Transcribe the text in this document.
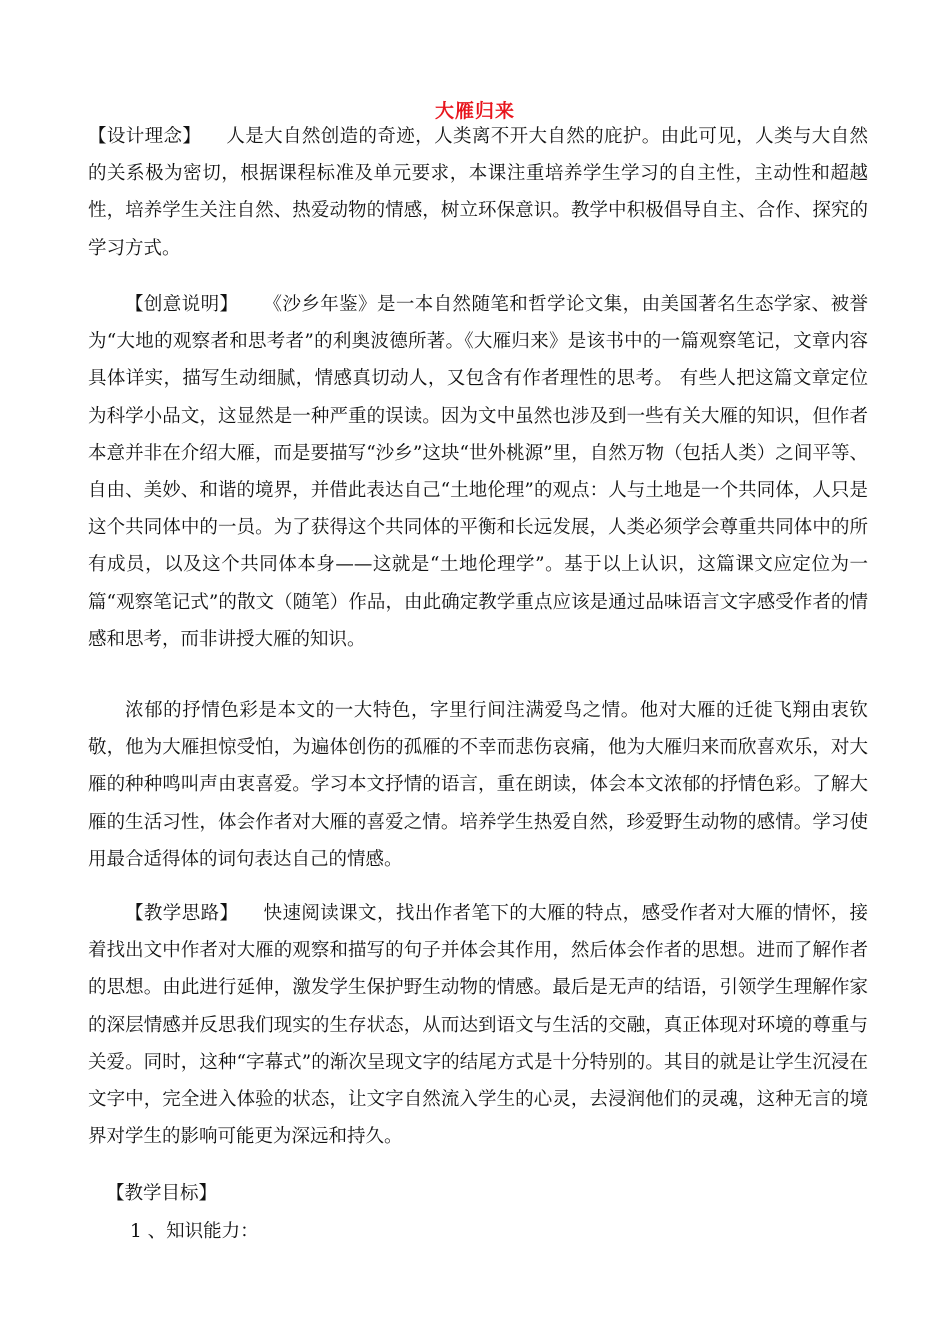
大雁归来

【设计理念】 人是大自然创造的奇迹，人类离不开大自然的庇护。由此可见，人类与大自然的关系极为密切，根据课程标准及单元要求，本课注重培养学生学习的自主性，主动性和超越性，培养学生关注自然、热爱动物的情感，树立环保意识。教学中积极倡导自主、合作、探究的学习方式。

【创意说明】 《沙乡年鉴》是一本自然随笔和哲学论文集，由美国著名生态学家、被誉为“大地的观察者和思考者”的利奥波德所著。《大雁归来》是该书中的一篇观察笔记，文章内容具体详实，描写生动细腻，情感真切动人，又包含有作者理性的思考。 有些人把这篇文章定位为科学小品文，这显然是一种严重的误读。因为文中虽然也涉及到一些有关大雁的知识，但作者本意并非在介绍大雁，而是要描写“沙乡”这块“世外桃源”里，自然万物（包括人类）之间平等、自由、美妙、和谐的境界，并借此表达自己“土地伦理”的观点：人与土地是一个共同体，人只是这个共同体中的一员。为了获得这个共同体的平衡和长远发展，人类必须学会尊重共同体中的所有成员，以及这个共同体本身——这就是“土地伦理学”。基于以上认识，这篇课文应定位为一篇“观察笔记式”的散文（随笔）作品，由此确定教学重点应该是通过品味语言文字感受作者的情感和思考，而非讲授大雁的知识。

浓郁的抒情色彩是本文的一大特色，字里行间注满爱鸟之情。他对大雁的迁徙飞翔由衷钦敬，他为大雁担惊受怕，为遍体创伤的孤雁的不幸而悲伤哀痛，他为大雁归来而欣喜欢乐，对大雁的种种鸣叫声由衷喜爱。学习本文抒情的语言，重在朗读，体会本文浓郁的抒情色彩。了解大雁的生活习性，体会作者对大雁的喜爱之情。培养学生热爱自然，珍爱野生动物的感情。学习使用最合适得体的词句表达自己的情感。

【教学思路】 快速阅读课文，找出作者笔下的大雁的特点，感受作者对大雁的情怀，接着找出文中作者对大雁的观察和描写的句子并体会其作用，然后体会作者的思想。进而了解作者的思想。由此进行延伸，激发学生保护野生动物的情感。最后是无声的结语，引领学生理解作家的深层情感并反思我们现实的生存状态，从而达到语文与生活的交融，真正体现对环境的尊重与关爱。同时，这种“字幕式”的渐次呈现文字的结尾方式是十分特别的。其目的就是让学生沉浸在文字中，完全进入体验的状态，让文字自然流入学生的心灵，去浸润他们的灵魂，这种无言的境界对学生的影响可能更为深远和持久。

【教学目标】
1 、知识能力：
